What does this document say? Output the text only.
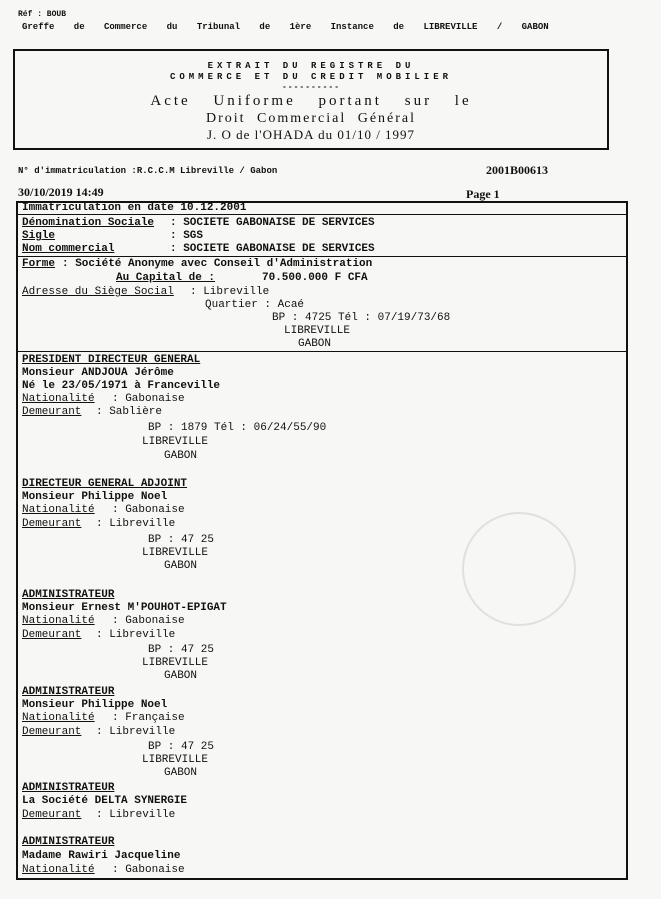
Réf : BOUB
Greffe de Commerce du Tribunal de 1ère Instance de LIBREVILLE / GABON
EXTRAIT DU REGISTRE DU
COMMERCE ET DU CREDIT MOBILIER
----------
Acte Uniforme portant sur le
Droit Commercial Général
J. O de l'OHADA du 01/10 / 1997
N° d'immatriculation :R.C.C.M Libreville / Gabon	2001B00613
30/10/2019 14:49	Page 1
Immatriculation en date 10.12.2001
Dénomination Sociale : SOCIETE GABONAISE DE SERVICES
Sigle	: SGS
Nom commercial	: SOCIETE GABONAISE DE SERVICES
Forme : Société Anonyme avec Conseil d'Administration
Au Capital de :	70.500.000 F CFA
Adresse du Siège Social : Libreville
Quartier : Acaé
BP : 4725 Tél : 07/19/73/68
LIBREVILLE
GABON
PRESIDENT DIRECTEUR GENERAL
Monsieur ANDJOUA Jérôme
Né le 23/05/1971 à Franceville
Nationalité : Gabonaise
Demeurant : Sablière
BP : 1879 Tél : 06/24/55/90
LIBREVILLE
GABON
DIRECTEUR GENERAL ADJOINT
Monsieur Philippe Noel
Nationalité : Gabonaise
Demeurant : Libreville
BP : 47 25
LIBREVILLE
GABON
ADMINISTRATEUR
Monsieur Ernest M'POUHOT-EPIGAT
Nationalité : Gabonaise
Demeurant : Libreville
BP : 47 25
LIBREVILLE
GABON
ADMINISTRATEUR
Monsieur Philippe Noel
Nationalité : Française
Demeurant : Libreville
BP : 47 25
LIBREVILLE
GABON
ADMINISTRATEUR
La Société DELTA SYNERGIE
Demeurant : Libreville
ADMINISTRATEUR
Madame Rawiri Jacqueline
Nationalité : Gabonaise
